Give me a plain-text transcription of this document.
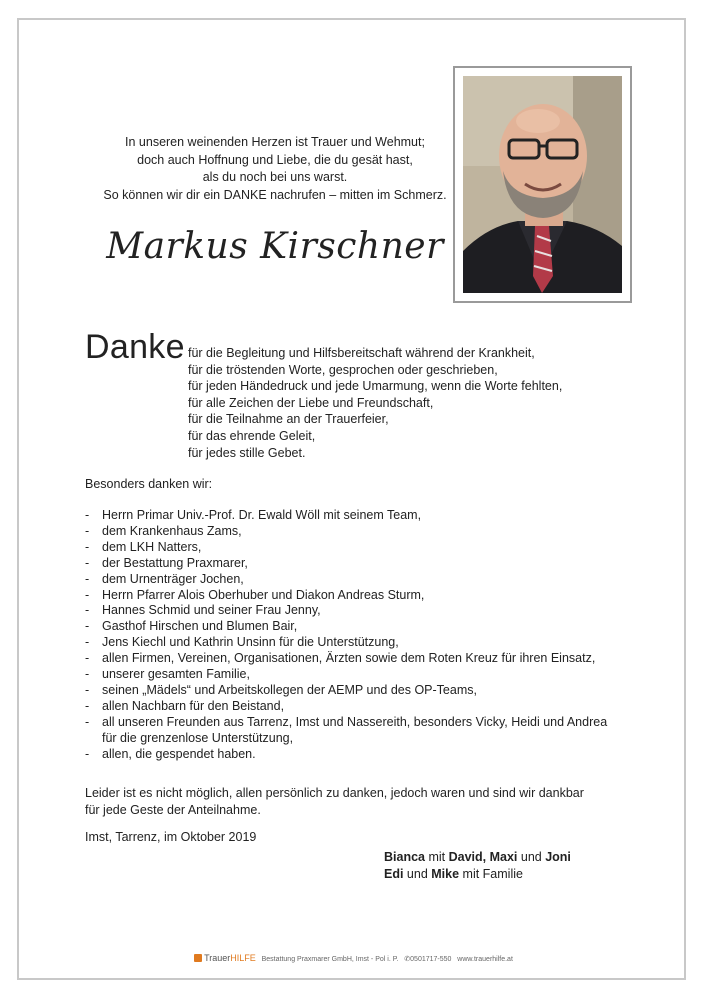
In unseren weinenden Herzen ist Trauer und Wehmut;
doch auch Hoffnung und Liebe, die du gesät hast,
als du noch bei uns warst.
So können wir dir ein DANKE nachrufen – mitten im Schmerz.
Markus Kirschner
Danke für die Begleitung und Hilfsbereitschaft während der Krankheit,
für die tröstenden Worte, gesprochen oder geschrieben,
für jeden Händedruck und jede Umarmung, wenn die Worte fehlten,
für alle Zeichen der Liebe und Freundschaft,
für die Teilnahme an der Trauerfeier,
für das ehrende Geleit,
für jedes stille Gebet.
Besonders danken wir:
- Herrn Primar Univ.-Prof. Dr. Ewald Wöll mit seinem Team,
- dem Krankenhaus Zams,
- dem LKH Natters,
- der Bestattung Praxmarer,
- dem Urnenträger Jochen,
- Herrn Pfarrer Alois Oberhuber und Diakon Andreas Sturm,
- Hannes Schmid und seiner Frau Jenny,
- Gasthof Hirschen und Blumen Bair,
- Jens Kiechl und Kathrin Unsinn für die Unterstützung,
- allen Firmen, Vereinen, Organisationen, Ärzten sowie dem Roten Kreuz für ihren Einsatz,
- unserer gesamten Familie,
- seinen „Mädels“ und Arbeitskollegen der AEMP und des OP-Teams,
- allen Nachbarn für den Beistand,
- all unseren Freunden aus Tarrenz, Imst und Nassereith, besonders Vicky, Heidi und Andrea
für die grenzenlose Unterstützung,
- allen, die gespendet haben.
Leider ist es nicht möglich, allen persönlich zu danken, jedoch waren und sind wir dankbar
für jede Geste der Anteilnahme.
Imst, Tarrenz, im Oktober 2019
Bianca mit David, Maxi und Joni
Edi und Mike mit Familie
TrauerHILFE Bestattung Praxmarer GmbH, Imst - Pol i. P. ✆0501717-550 www.trauerhilfe.at
